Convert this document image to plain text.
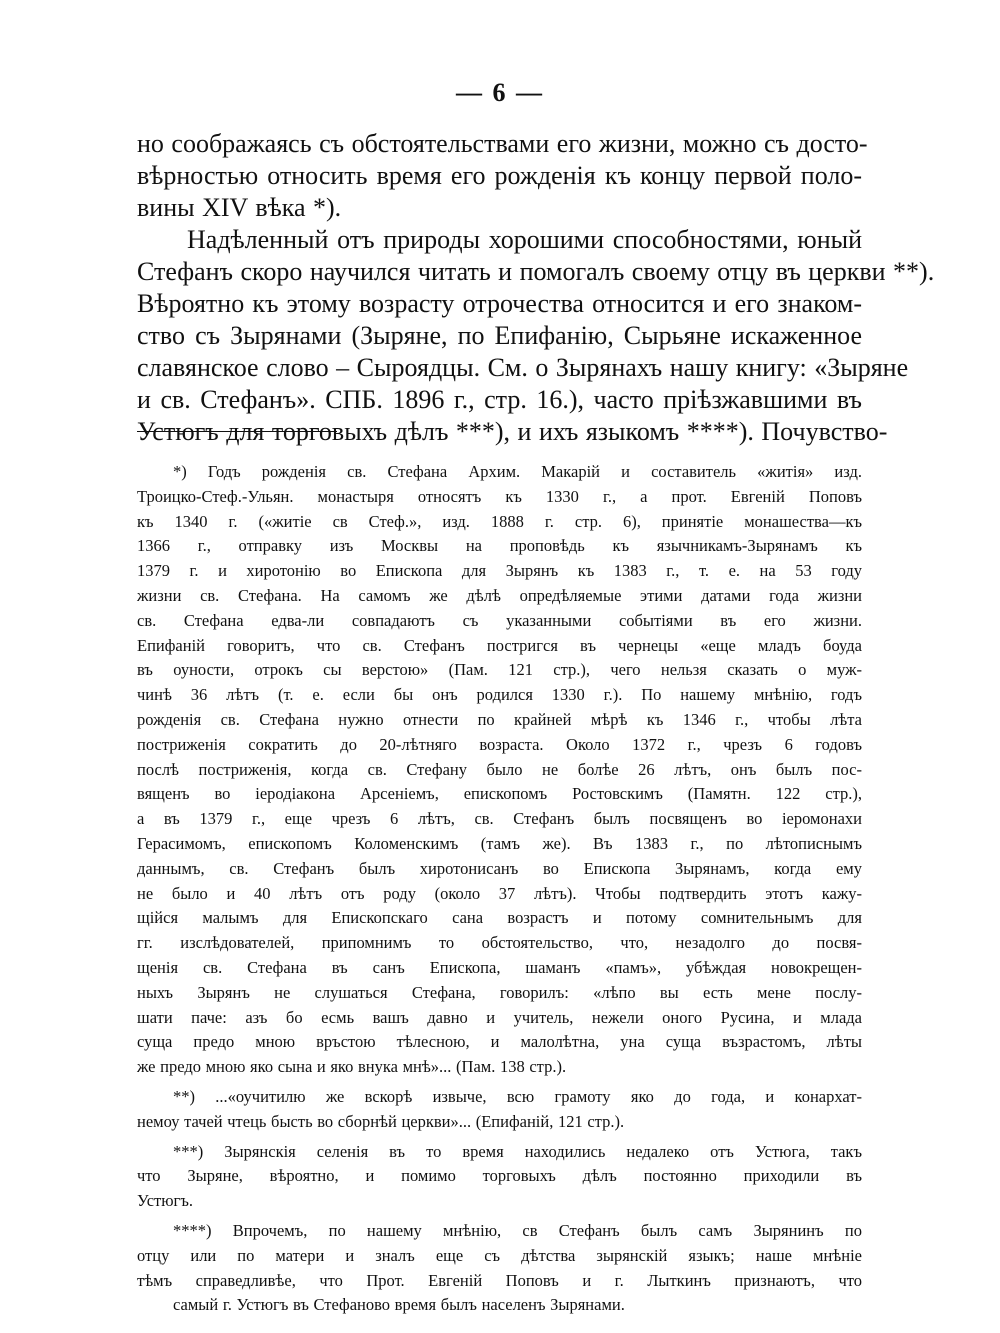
— 6 —
но соображаясь съ обстоятельствами его жизни, можно съ досто-
вѣрностью относить время его рожденія къ концу первой поло-
вины XIV вѣка *).
Надѣленный отъ природы хорошими способностями, юный
Стефанъ скоро научился читать и помогалъ своему отцу въ церкви **).
Вѣроятно къ этому возрасту отрочества относится и его знаком-
ство съ Зырянами (Зыряне, по Епифанію, Сырьяне искаженное
славянское слово – Сыроядцы. См. о Зырянахъ нашу книгу: «Зыряне
и св. Стефанъ». СПБ. 1896 г., стр. 16.), часто пріѣзжавшими въ
Устюгъ для торговыхъ дѣлъ ***), и ихъ языкомъ ****). Почувство-
*) Годъ рожденія св. Стефана Архим. Макарій и составитель «житія» изд.
Троицко-Стеф.-Ульян. монастыря относятъ къ 1330 г., а прот. Евгеній Поповъ
къ 1340 г. («житіе св Стеф.», изд. 1888 г. стр. 6), принятіе монашества—къ
1366 г., отправку изъ Москвы на проповѣдь къ язычникамъ-Зырянамъ къ
1379 г. и хиротонію во Епископа для Зырянъ къ 1383 г., т. е. на 53 году
жизни св. Стефана. На самомъ же дѣлѣ опредѣляемые этими датами года жизни
св. Стефана едва-ли совпадаютъ съ указанными событіями въ его жизни.
Епифаній говоритъ, что св. Стефанъ постригся въ чернецы «еще младъ боуда
въ оуности, отрокъ сы верстою» (Пам. 121 стр.), чего нельзя сказать о муж-
чинѣ 36 лѣтъ (т. е. если бы онъ родился 1330 г.). По нашему мнѣнію, годъ
рожденія св. Стефана нужно отнести по крайней мѣрѣ къ 1346 г., чтобы лѣта
постриженія сократить до 20-лѣтняго возраста. Около 1372 г., чрезъ 6 годовъ
послѣ постриженія, когда св. Стефану было не болѣе 26 лѣтъ, онъ былъ пос-
вященъ во іеродіакона Арсеніемъ, епископомъ Ростовскимъ (Памятн. 122 стр.),
а въ 1379 г., еще чрезъ 6 лѣтъ, св. Стефанъ былъ посвященъ во іеромонахи
Герасимомъ, епископомъ Коломенскимъ (тамъ же). Въ 1383 г., по лѣтописнымъ
даннымъ, св. Стефанъ былъ хиротонисанъ во Епископа Зырянамъ, когда ему
не было и 40 лѣтъ отъ роду (около 37 лѣтъ). Чтобы подтвердить этотъ кажу-
щійся малымъ для Епископскаго сана возрастъ и потому сомнительнымъ для
гг. изслѣдователей, припомнимъ то обстоятельство, что, незадолго до посвя-
щенія св. Стефана въ санъ Епископа, шаманъ «памъ», убѣждая новокрещен-
ныхъ Зырянъ не слушаться Стефана, говорилъ: «лѣпо вы есть мене послу-
шати паче: азъ бо есмь вашъ давно и учитель, нежели оного Русина, и млада
суща предо мною връстою тѣлесною, и малолѣтна, уна суща възрастомъ, лѣты
же предо мною яко сына и яко внука мнѣ»... (Пам. 138 стр.).
**) ...«оучитилю же вскорѣ извыче, всю грамоту яко до года, и конархат-
немоу тачей чтець бысть во сборнѣй церкви»... (Епифаній, 121 стр.).
***) Зырянскія селенія въ то время находились недалеко отъ Устюга, такъ
что Зыряне, вѣроятно, и помимо торговыхъ дѣлъ постоянно приходили въ
Устюгъ.
****) Впрочемъ, по нашему мнѣнію, св Стефанъ былъ самъ Зырянинъ по
отцу или по матери и зналъ еще съ дѣтства зырянскій языкъ; наше мнѣніе
тѣмъ справедливѣе, что Прот. Евгеній Поповъ и г. Лыткинъ признаютъ, что
самый г. Устюгъ въ Стефаново время былъ населенъ Зырянами.
